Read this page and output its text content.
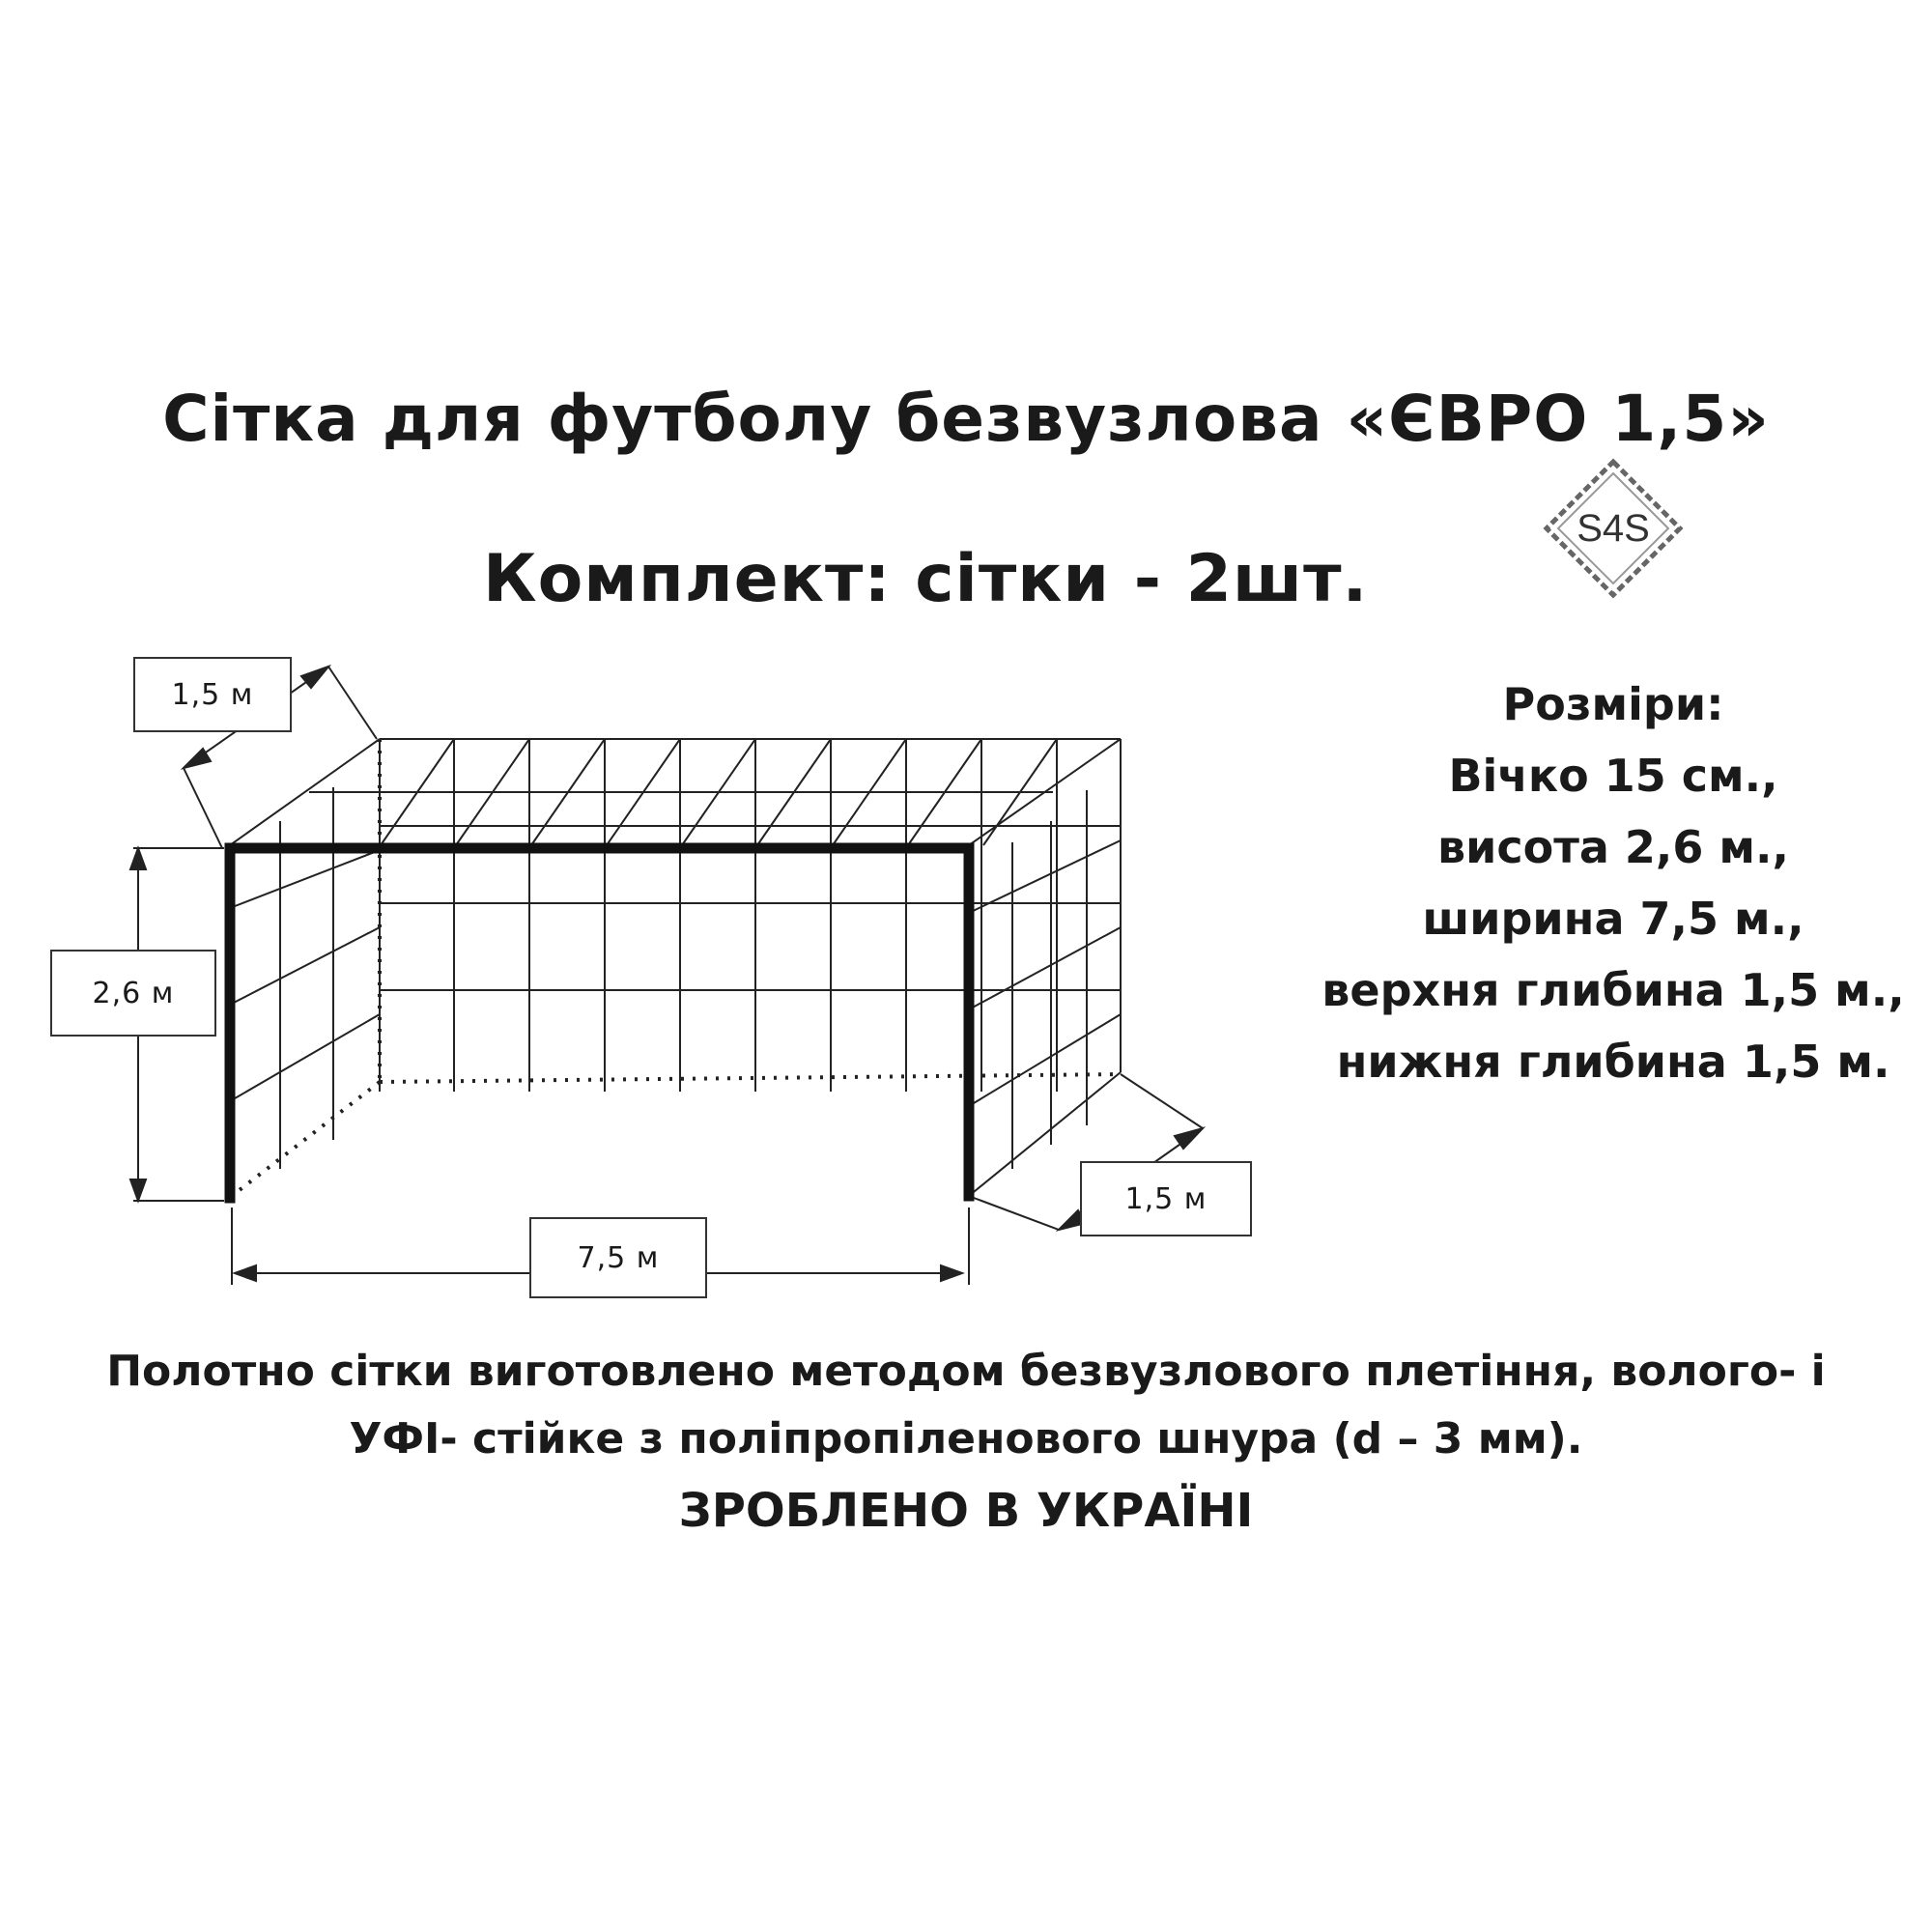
Сітка для футболу безвузлова «ЄВРО 1,5»
Комплект: сітки - 2шт.
S4S
1,5 м
2,6 м
7,5 м
1,5 м
Розміри:
Вічко 15 см.,
висота 2,6 м.,
ширина 7,5 м.,
верхня глибина 1,5 м.,
нижня глибина 1,5 м.
Полотно сітки виготовлено методом безвузлового плетіння, волого- і
УФІ- стійке з поліпропіленового шнура (d – 3 мм).
ЗРОБЛЕНО В УКРАЇНІ
